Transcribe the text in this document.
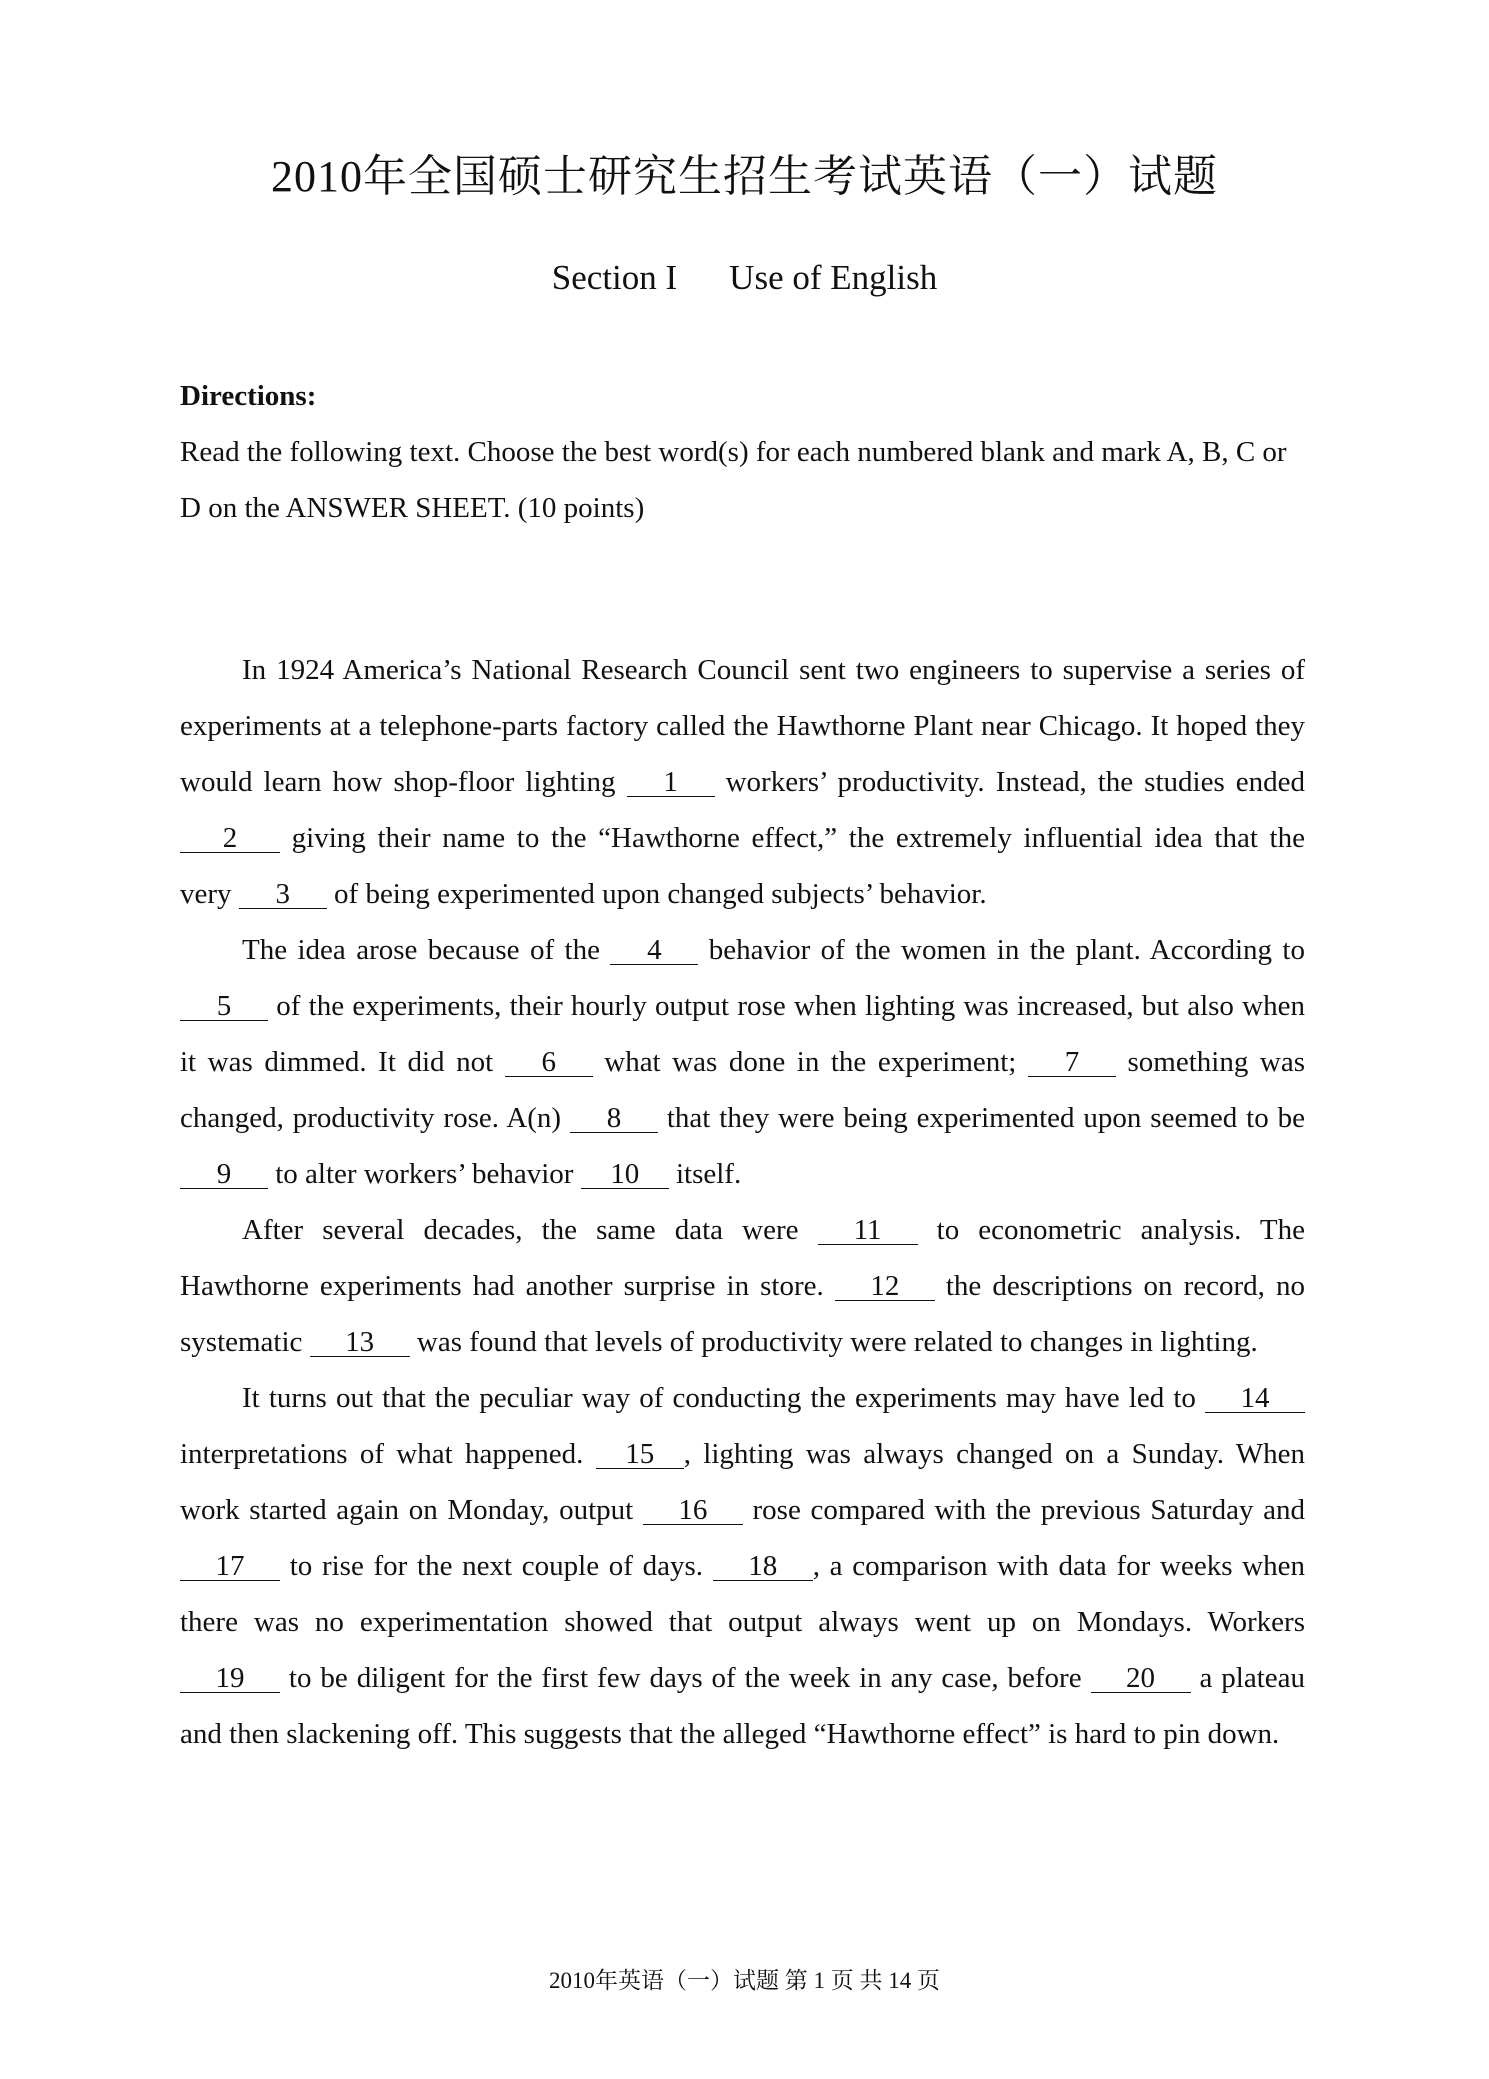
2010年全国硕士研究生招生考试英语（一）试题
Section I Use of English

Directions:

Read the following text. Choose the best word(s) for each numbered blank and mark A, B, C or D on the ANSWER SHEET. (10 points)

In 1924 America’s National Research Council sent two engineers to supervise a series of experiments at a telephone-parts factory called the Hawthorne Plant near Chicago. It hoped they would learn how shop-floor lighting 1 workers’ productivity. Instead, the studies ended 2 giving their name to the “Hawthorne effect,” the extremely influential idea that the very 3 of being experimented upon changed subjects’ behavior.

The idea arose because of the 4 behavior of the women in the plant. According to 5 of the experiments, their hourly output rose when lighting was increased, but also when it was dimmed. It did not 6 what was done in the experiment; 7 something was changed, productivity rose. A(n) 8 that they were being experimented upon seemed to be 9 to alter workers’ behavior 10 itself.

After several decades, the same data were 11 to econometric analysis. The Hawthorne experiments had another surprise in store. 12 the descriptions on record, no systematic 13 was found that levels of productivity were related to changes in lighting.

It turns out that the peculiar way of conducting the experiments may have led to 14 interpretations of what happened. 15 , lighting was always changed on a Sunday. When work started again on Monday, output 16 rose compared with the previous Saturday and 17 to rise for the next couple of days. 18 , a comparison with data for weeks when there was no experimentation showed that output always went up on Mondays. Workers 19 to be diligent for the first few days of the week in any case, before 20 a plateau and then slackening off. This suggests that the alleged “Hawthorne effect” is hard to pin down.

2010年英语（一）试题 第 1 页 共 14 页
